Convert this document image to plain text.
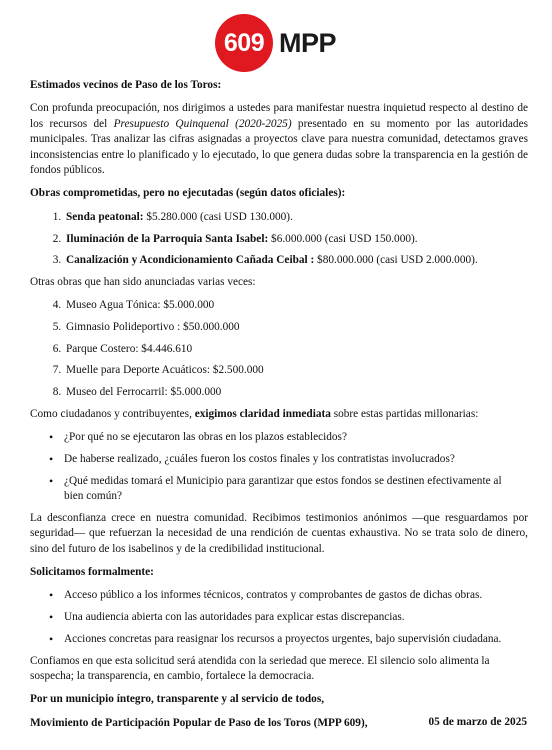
609 MPP

Estimados vecinos de Paso de los Toros:

Con profunda preocupación, nos dirigimos a ustedes para manifestar nuestra inquietud respecto al destino de los recursos del Presupuesto Quinquenal (2020-2025) presentado en su momento por las autoridades municipales. Tras analizar las cifras asignadas a proyectos clave para nuestra comunidad, detectamos graves inconsistencias entre lo planificado y lo ejecutado, lo que genera dudas sobre la transparencia en la gestión de fondos públicos.

Obras comprometidas, pero no ejecutadas (según datos oficiales):

1. Senda peatonal: $5.280.000 (casi USD 130.000).
2. Iluminación de la Parroquia Santa Isabel: $6.000.000 (casi USD 150.000).
3. Canalización y Acondicionamiento Cañada Ceibal : $80.000.000 (casi USD 2.000.000).

Otras obras que han sido anunciadas varias veces:

4. Museo Agua Tónica: $5.000.000
5. Gimnasio Polideportivo : $50.000.000
6. Parque Costero: $4.446.610
7. Muelle para Deporte Acuáticos: $2.500.000
8. Museo del Ferrocarril: $5.000.000

Como ciudadanos y contribuyentes, exigimos claridad inmediata sobre estas partidas millonarias:

• ¿Por qué no se ejecutaron las obras en los plazos establecidos?
• De haberse realizado, ¿cuáles fueron los costos finales y los contratistas involucrados?
• ¿Qué medidas tomará el Municipio para garantizar que estos fondos se destinen efectivamente al bien común?

La desconfianza crece en nuestra comunidad. Recibimos testimonios anónimos —que resguardamos por seguridad— que refuerzan la necesidad de una rendición de cuentas exhaustiva. No se trata solo de dinero, sino del futuro de los isabelinos y de la credibilidad institucional.

Solicitamos formalmente:

• Acceso público a los informes técnicos, contratos y comprobantes de gastos de dichas obras.
• Una audiencia abierta con las autoridades para explicar estas discrepancias.
• Acciones concretas para reasignar los recursos a proyectos urgentes, bajo supervisión ciudadana.

Confiamos en que esta solicitud será atendida con la seriedad que merece. El silencio solo alimenta la sospecha; la transparencia, en cambio, fortalece la democracia.

Por un municipio íntegro, transparente y al servicio de todos,

Movimiento de Participación Popular de Paso de los Toros (MPP 609),	05 de marzo de 2025
